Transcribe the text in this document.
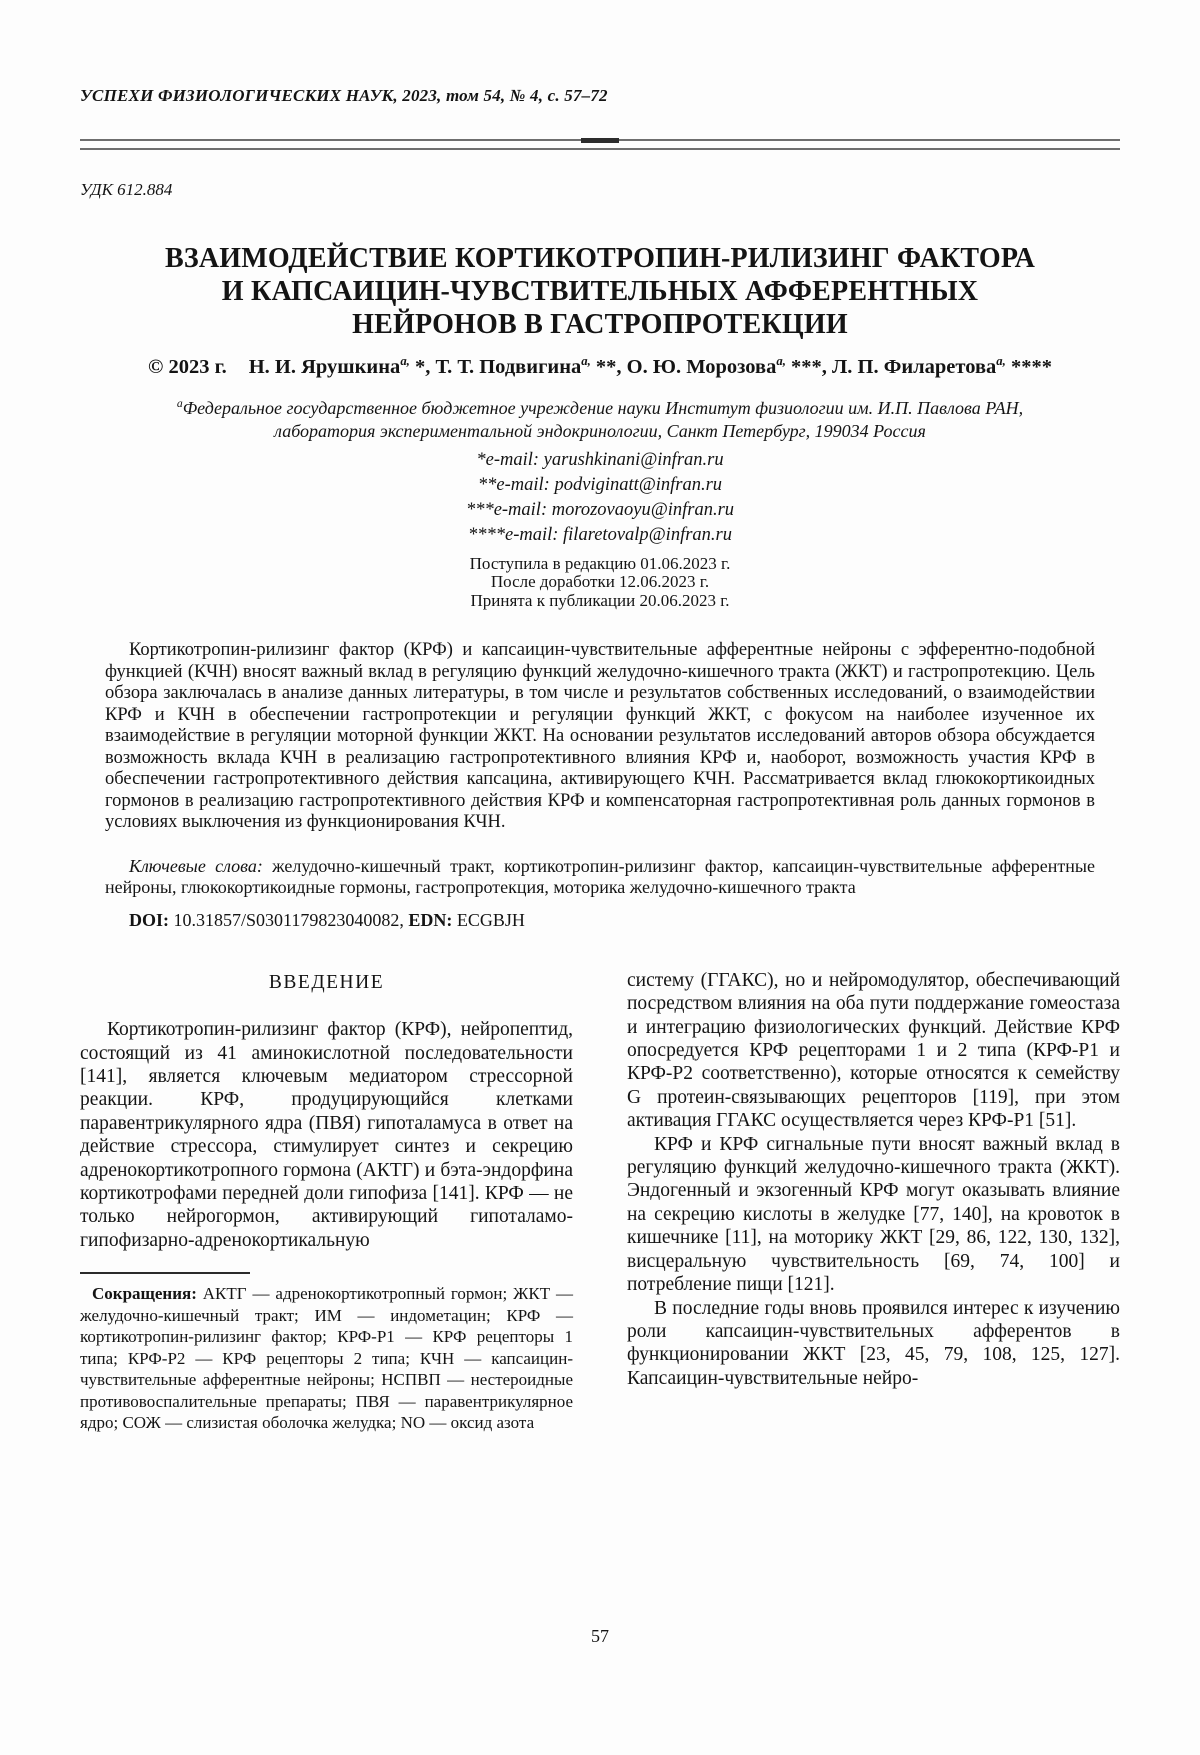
УСПЕХИ ФИЗИОЛОГИЧЕСКИХ НАУК, 2023, том 54, № 4, с. 57–72
УДК 612.884
ВЗАИМОДЕЙСТВИЕ КОРТИКОТРОПИН-РИЛИЗИНГ ФАКТОРА
И КАПСАИЦИН-ЧУВСТВИТЕЛЬНЫХ АФФЕРЕНТНЫХ
НЕЙРОНОВ В ГАСТРОПРОТЕКЦИИ
© 2023 г. Н. И. Ярушкина$^{а,}$ *, Т. Т. Подвигина$^{а,}$ **, О. Ю. Морозова$^{а,}$ ***, Л. П. Филаретова$^{а,}$ ****
$^а$Федеральное государственное бюджетное учреждение науки Институт физиологии им. И.П. Павлова РАН,
лаборатория экспериментальной эндокринологии, Санкт Петербург, 199034 Россия
*e-mail: yarushkinani@infran.ru
**e-mail: podviginatt@infran.ru
***e-mail: morozovaoyu@infran.ru
****e-mail: filaretovalp@infran.ru
Поступила в редакцию 01.06.2023 г.
После доработки 12.06.2023 г.
Принята к публикации 20.06.2023 г.

Кортикотропин-рилизинг фактор (КРФ) и капсаицин-чувствительные афферентные нейроны с эфферентно-подобной функцией (КЧН) вносят важный вклад в регуляцию функций желудочно-кишечного тракта (ЖКТ) и гастропротекцию. Цель обзора заключалась в анализе данных литературы, в том числе и результатов собственных исследований, о взаимодействии КРФ и КЧН в обеспечении гастропротекции и регуляции функций ЖКТ, с фокусом на наиболее изученное их взаимодействие в регуляции моторной функции ЖКТ. На основании результатов исследований авторов обзора обсуждается возможность вклада КЧН в реализацию гастропротективного влияния КРФ и, наоборот, возможность участия КРФ в обеспечении гастропротективного действия капсацина, активирующего КЧН. Рассматривается вклад глюкокортикоидных гормонов в реализацию гастропротективного действия КРФ и компенсаторная гастропротективная роль данных гормонов в условиях выключения из функционирования КЧН.

Ключевые слова: желудочно-кишечный тракт, кортикотропин-рилизинг фактор, капсаицин-чувствительные афферентные нейроны, глюкокортикоидные гормоны, гастропротекция, моторика желудочно-кишечного тракта

DOI: 10.31857/S0301179823040082, EDN: ECGBJH

ВВЕДЕНИЕ

Кортикотропин-рилизинг фактор (КРФ), нейропептид, состоящий из 41 аминокислотной последовательности [141], является ключевым медиатором стрессорной реакции. КРФ, продуцирующийся клетками паравентрикулярного ядра (ПВЯ) гипоталамуса в ответ на действие стрессора, стимулирует синтез и секрецию адренокортикотропного гормона (АКТГ) и бэта-эндорфина кортикотрофами передней доли гипофиза [141]. КРФ — не только нейрогормон, активирующий гипоталамо-гипофизарно-адренокортикальную

Сокращения: АКТГ — адренокортикотропный гормон; ЖКТ — желудочно-кишечный тракт; ИМ — индометацин; КРФ — кортикотропин-рилизинг фактор; КРФ-Р1 — КРФ рецепторы 1 типа; КРФ-Р2 — КРФ рецепторы 2 типа; КЧН — капсаицин-чувствительные афферентные нейроны; НСПВП — нестероидные противовоспалительные препараты; ПВЯ — паравентрикулярное ядро; СОЖ — слизистая оболочка желудка; NO — оксид азота

систему (ГГАКС), но и нейромодулятор, обеспечивающий посредством влияния на оба пути поддержание гомеостаза и интеграцию физиологических функций. Действие КРФ опосредуется КРФ рецепторами 1 и 2 типа (КРФ-Р1 и КРФ-Р2 соответственно), которые относятся к семейству G протеин-связывающих рецепторов [119], при этом активация ГГАКС осуществляется через КРФ-Р1 [51].

КРФ и КРФ сигнальные пути вносят важный вклад в регуляцию функций желудочно-кишечного тракта (ЖКТ). Эндогенный и экзогенный КРФ могут оказывать влияние на секрецию кислоты в желудке [77, 140], на кровоток в кишечнике [11], на моторику ЖКТ [29, 86, 122, 130, 132], висцеральную чувствительность [69, 74, 100] и потребление пищи [121].

В последние годы вновь проявился интерес к изучению роли капсаицин-чувствительных афферентов в функционировании ЖКТ [23, 45, 79, 108, 125, 127]. Капсаицин-чувствительные нейро-

57
